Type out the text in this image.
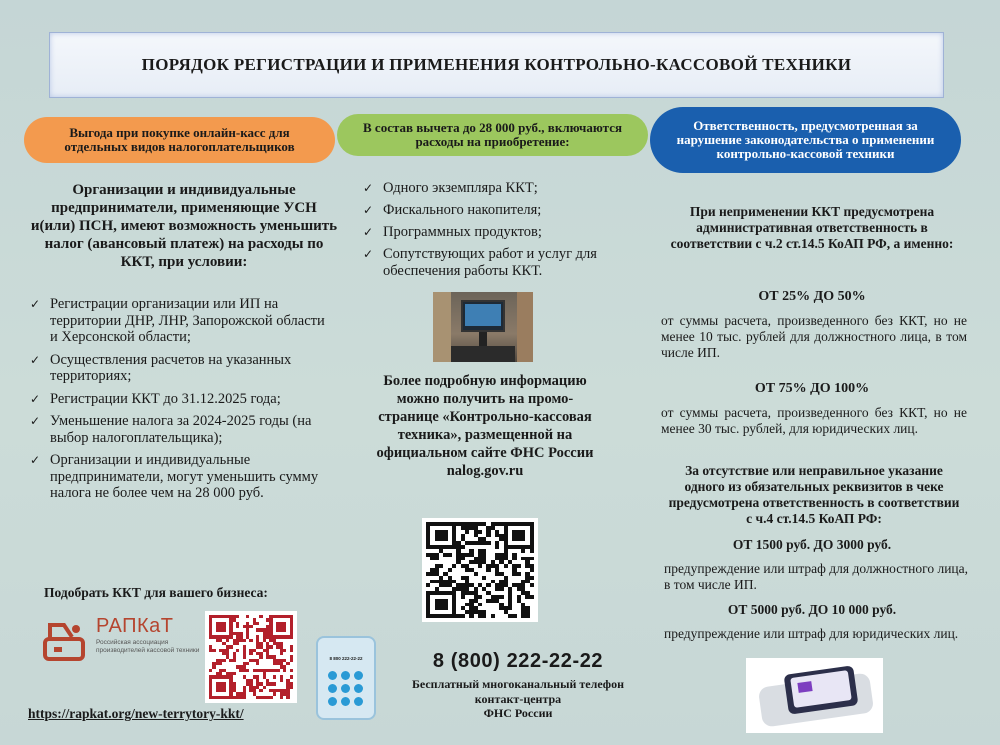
ПОРЯДОК РЕГИСТРАЦИИ И ПРИМЕНЕНИЯ КОНТРОЛЬНО-КАССОВОЙ ТЕХНИКИ
Выгода при покупке онлайн-касс для отдельных видов налогоплательщиков
В состав вычета до 28 000 руб., включаются расходы на приобретение:
Ответственность, предусмотренная за нарушение законодательства о применении контрольно-кассовой техники
Организации и индивидуальные предприниматели, применяющие УСН и(или) ПСН, имеют возможность уменьшить налог (авансовый платеж) на расходы по ККТ, при условии:
✓ Регистрации организации или ИП на территории ДНР, ЛНР, Запорожской области и Херсонской области;
✓ Осуществления расчетов на указанных территориях;
✓ Регистрации ККТ до 31.12.2025 года;
✓ Уменьшение налога за 2024-2025 годы (на выбор налогоплательщика);
✓ Организации и индивидуальные предприниматели, могут уменьшить сумму налога не более чем на 28 000 руб.
Подобрать ККТ для вашего бизнеса:
РАПКаТ
Российская ассоциация производителей кассовой техники
8 800 222-22-22
https://rapkat.org/new-terrytory-kkt/
✓ Одного экземпляра ККТ;
✓ Фискального накопителя;
✓ Программных продуктов;
✓ Сопутствующих работ и услуг для обеспечения работы ККТ.
Более подробную информацию можно получить на промо-странице «Контрольно-кассовая техника», размещенной на официальном сайте ФНС России nalog.gov.ru
8 (800) 222-22-22
Бесплатный многоканальный телефон
контакт-центра
ФНС России
При неприменении ККТ предусмотрена административная ответственность в соответствии с ч.2 ст.14.5 КоАП РФ, а именно:
ОТ 25% ДО 50%
от суммы расчета, произведенного без ККТ, но не менее 10 тыс. рублей для должностного лица, в том числе ИП.
ОТ 75% ДО 100%
от суммы расчета, произведенного без ККТ, но не менее 30 тыс. рублей, для юридических лиц.
За отсутствие или неправильное указание одного из обязательных реквизитов в чеке предусмотрена ответственность в соответствии с ч.4 ст.14.5 КоАП РФ:
ОТ 1500 руб. ДО 3000 руб.
предупреждение или штраф для должностного лица, в том числе ИП.
ОТ 5000 руб. ДО 10 000 руб.
предупреждение или штраф для юридических лиц.
